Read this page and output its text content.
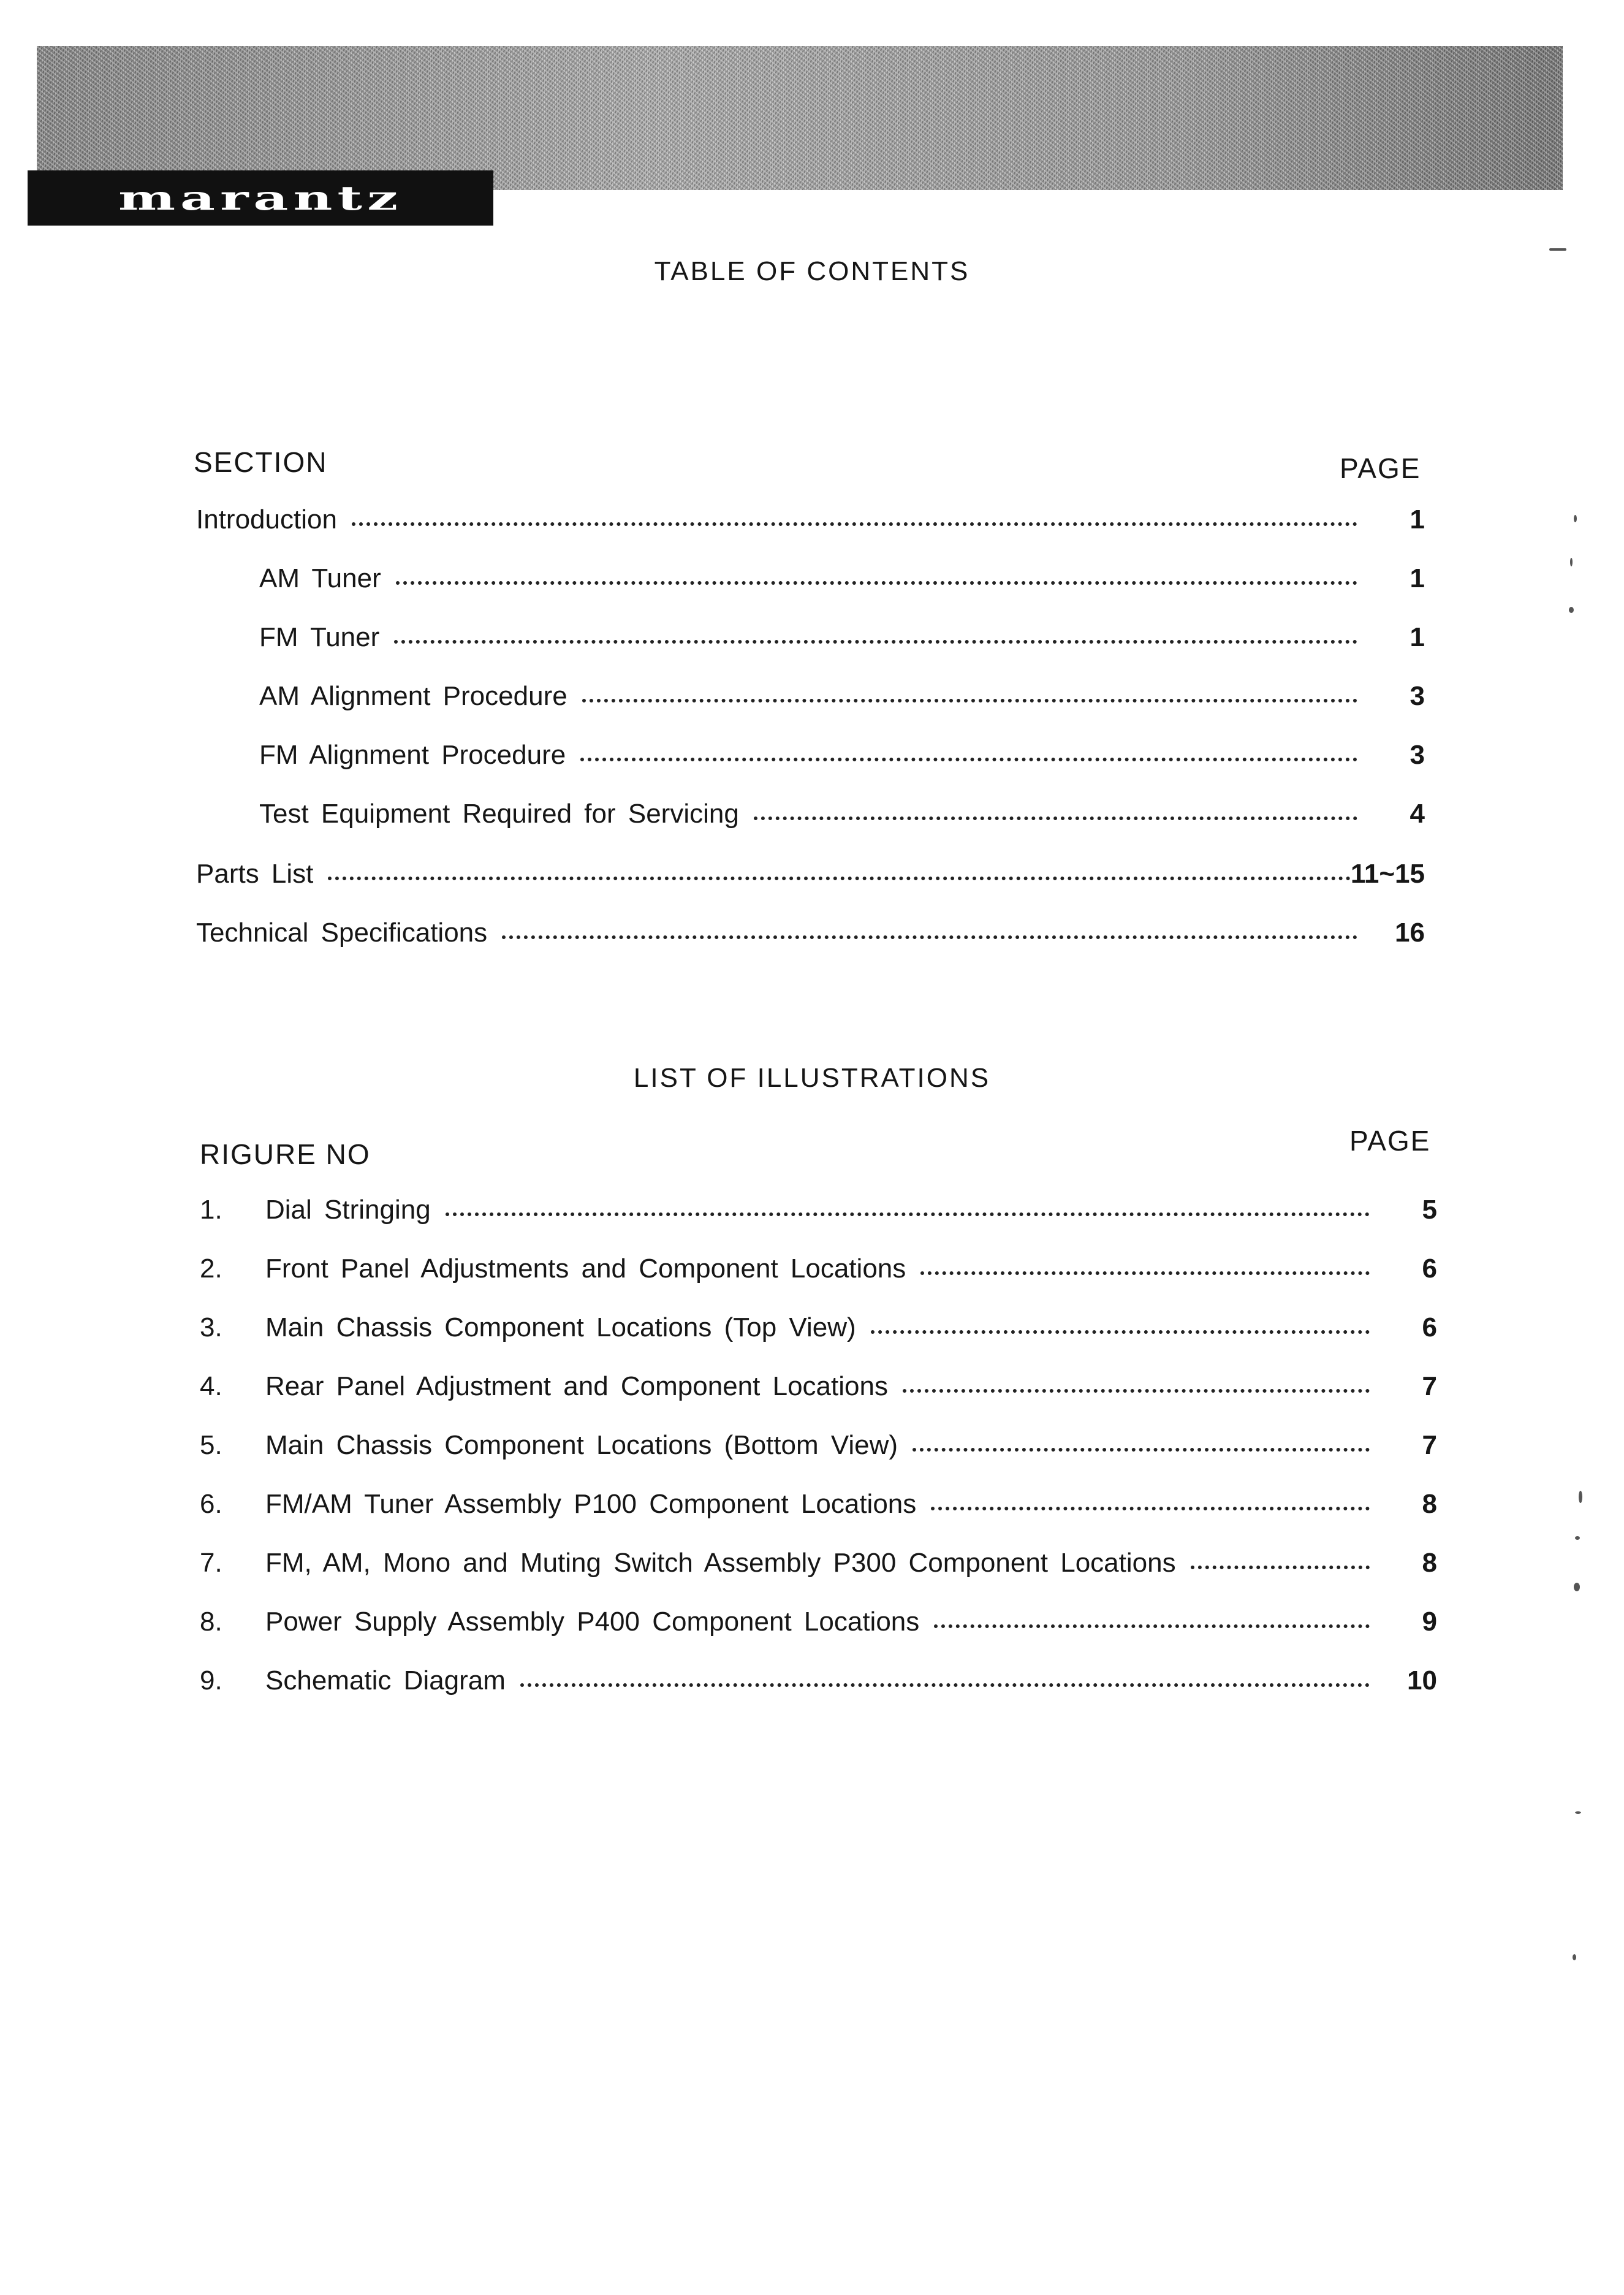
marantz
TABLE OF CONTENTS
SECTION	PAGE
Introduction	1
AM Tuner	1
FM Tuner	1
AM Alignment Procedure	3
FM Alignment Procedure	3
Test Equipment Required for Servicing	4
Parts List	11~15
Technical Specifications	16
LIST OF ILLUSTRATIONS
RIGURE NO	PAGE
1.	Dial Stringing	5
2.	Front Panel Adjustments and Component Locations	6
3.	Main Chassis Component Locations (Top View)	6
4.	Rear Panel Adjustment and Component Locations	7
5.	Main Chassis Component Locations (Bottom View)	7
6.	FM/AM Tuner Assembly P100 Component Locations	8
7.	FM, AM, Mono and Muting Switch Assembly P300 Component Locations	8
8.	Power Supply Assembly P400 Component Locations	9
9.	Schematic Diagram	10
